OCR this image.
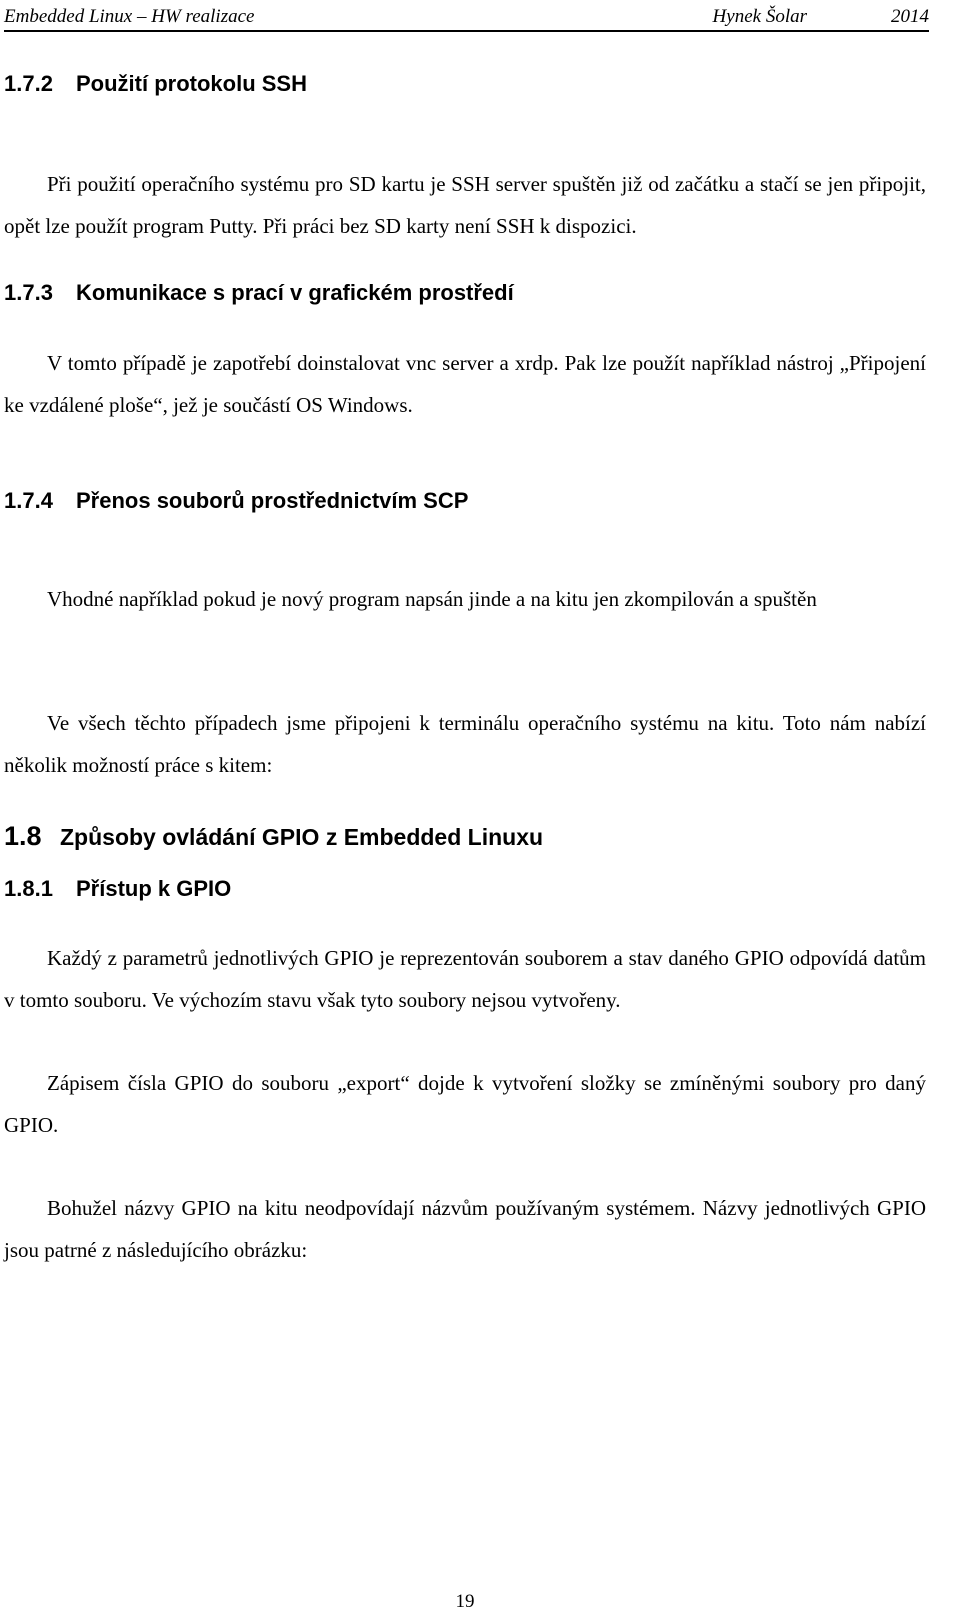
Embedded Linux – HW realizace	Hynek Šolar	2014
1.7.2 Použití protokolu SSH

Při použití operačního systému pro SD kartu je SSH server spuštěn již od začátku a stačí se jen připojit, opět lze použít program Putty. Při práci bez SD karty není SSH k dispozici.

1.7.3 Komunikace s prací v grafickém prostředí

V tomto případě je zapotřebí doinstalovat vnc server a xrdp. Pak lze použít například nástroj „Připojení ke vzdálené ploše“, jež je součástí OS Windows.

1.7.4 Přenos souborů prostřednictvím SCP

Vhodné například pokud je nový program napsán jinde a na kitu jen zkompilován a spuštěn

Ve všech těchto případech jsme připojeni k terminálu operačního systému na kitu. Toto nám nabízí několik možností práce s kitem:

1.8 Způsoby ovládání GPIO z Embedded Linuxu
1.8.1 Přístup k GPIO

Každý z parametrů jednotlivých GPIO je reprezentován souborem a stav daného GPIO odpovídá datům v tomto souboru. Ve výchozím stavu však tyto soubory nejsou vytvořeny.

Zápisem čísla GPIO do souboru „export“ dojde k vytvoření složky se zmíněnými soubory pro daný GPIO.

Bohužel názvy GPIO na kitu neodpovídají názvům používaným systémem. Názvy jednotlivých GPIO jsou patrné z následujícího obrázku:

19
